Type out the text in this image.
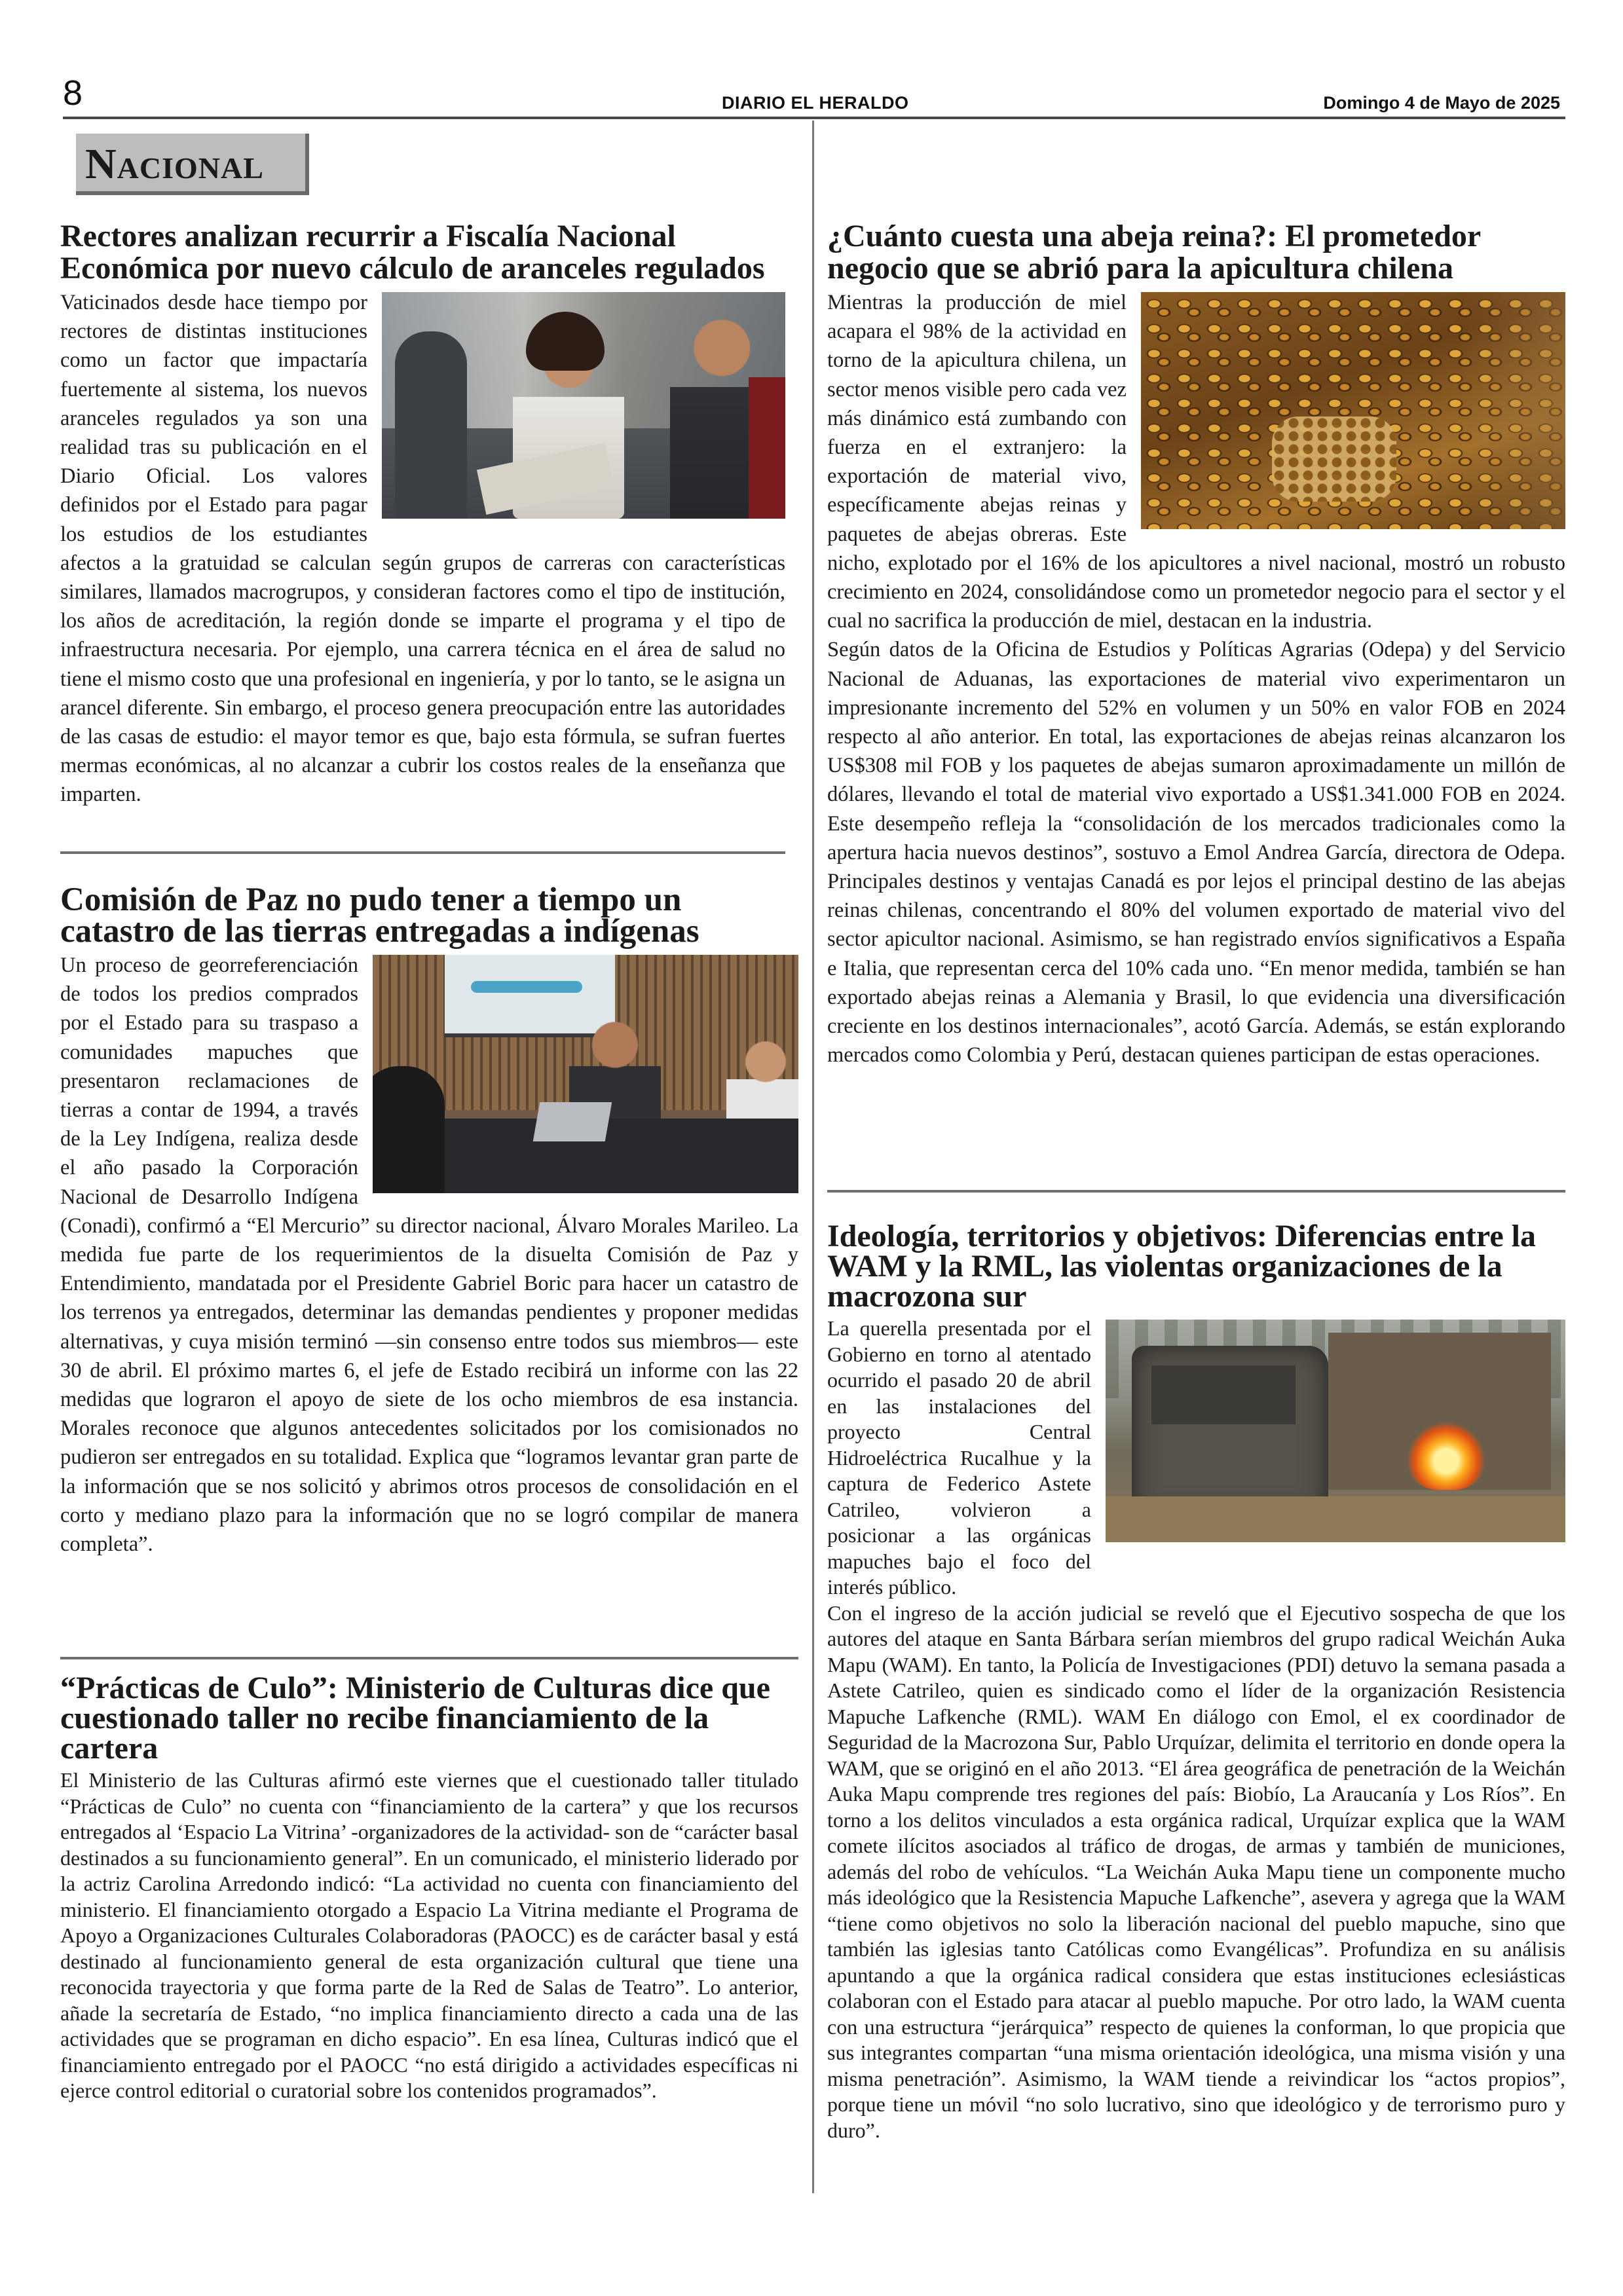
8	DIARIO EL HERALDO	Domingo 4 de Mayo de 2025
Nacional
Rectores analizan recurrir a Fiscalía Nacional Económica por nuevo cálculo de aranceles regulados

Vaticinados desde hace tiempo por rectores de distintas instituciones como un factor que impactaría fuertemente al sistema, los nuevos aranceles regulados ya son una realidad tras su publicación en el Diario Oficial. Los valores definidos por el Estado para pagar los estudios de los estudiantes afectos a la gratuidad se calculan según grupos de carreras con características similares, llamados macrogrupos, y consideran factores como el tipo de institución, los años de acreditación, la región donde se imparte el programa y el tipo de infraestructura necesaria. Por ejemplo, una carrera técnica en el área de salud no tiene el mismo costo que una profesional en ingeniería, y por lo tanto, se le asigna un arancel diferente. Sin embargo, el proceso genera preocupación entre las autoridades de las casas de estudio: el mayor temor es que, bajo esta fórmula, se sufran fuertes mermas económicas, al no alcanzar a cubrir los costos reales de la enseñanza que imparten.

Comisión de Paz no pudo tener a tiempo un catastro de las tierras entregadas a indígenas

Un proceso de georreferenciación de todos los predios comprados por el Estado para su traspaso a comunidades mapuches que presentaron reclamaciones de tierras a contar de 1994, a través de la Ley Indígena, realiza desde el año pasado la Corporación Nacional de Desarrollo Indígena (Conadi), confirmó a “El Mercurio” su director nacional, Álvaro Morales Marileo. La medida fue parte de los requerimientos de la disuelta Comisión de Paz y Entendimiento, mandatada por el Presidente Gabriel Boric para hacer un catastro de los terrenos ya entregados, determinar las demandas pendientes y proponer medidas alternativas, y cuya misión terminó —sin consenso entre todos sus miembros— este 30 de abril. El próximo martes 6, el jefe de Estado recibirá un informe con las 22 medidas que lograron el apoyo de siete de los ocho miembros de esa instancia. Morales reconoce que algunos antecedentes solicitados por los comisionados no pudieron ser entregados en su totalidad. Explica que “logramos levantar gran parte de la información que se nos solicitó y abrimos otros procesos de consolidación en el corto y mediano plazo para la información que no se logró compilar de manera completa”.

“Prácticas de Culo”: Ministerio de Culturas dice que cuestionado taller no recibe financiamiento de la cartera

El Ministerio de las Culturas afirmó este viernes que el cuestionado taller titulado “Prácticas de Culo” no cuenta con “financiamiento de la cartera” y que los recursos entregados al ‘Espacio La Vitrina’ -organizadores de la actividad- son de “carácter basal destinados a su funcionamiento general”. En un comunicado, el ministerio liderado por la actriz Carolina Arredondo indicó: “La actividad no cuenta con financiamiento del ministerio. El financiamiento otorgado a Espacio La Vitrina mediante el Programa de Apoyo a Organizaciones Culturales Colaboradoras (PAOCC) es de carácter basal y está destinado al funcionamiento general de esta organización cultural que tiene una reconocida trayectoria y que forma parte de la Red de Salas de Teatro”. Lo anterior, añade la secretaría de Estado, “no implica financiamiento directo a cada una de las actividades que se programan en dicho espacio”. En esa línea, Culturas indicó que el financiamiento entregado por el PAOCC “no está dirigido a actividades específicas ni ejerce control editorial o curatorial sobre los contenidos programados”.

¿Cuánto cuesta una abeja reina?: El prometedor negocio que se abrió para la apicultura chilena

Mientras la producción de miel acapara el 98% de la actividad en torno de la apicultura chilena, un sector menos visible pero cada vez más dinámico está zumbando con fuerza en el extranjero: la exportación de material vivo, específicamente abejas reinas y paquetes de abejas obreras. Este nicho, explotado por el 16% de los apicultores a nivel nacional, mostró un robusto crecimiento en 2024, consolidándose como un prometedor negocio para el sector y el cual no sacrifica la producción de miel, destacan en la industria.

Según datos de la Oficina de Estudios y Políticas Agrarias (Odepa) y del Servicio Nacional de Aduanas, las exportaciones de material vivo experimentaron un impresionante incremento del 52% en volumen y un 50% en valor FOB en 2024 respecto al año anterior. En total, las exportaciones de abejas reinas alcanzaron los US$308 mil FOB y los paquetes de abejas sumaron aproximadamente un millón de dólares, llevando el total de material vivo exportado a US$1.341.000 FOB en 2024. Este desempeño refleja la “consolidación de los mercados tradicionales como la apertura hacia nuevos destinos”, sostuvo a Emol Andrea García, directora de Odepa. Principales destinos y ventajas Canadá es por lejos el principal destino de las abejas reinas chilenas, concentrando el 80% del volumen exportado de material vivo del sector apicultor nacional. Asimismo, se han registrado envíos significativos a España e Italia, que representan cerca del 10% cada uno. “En menor medida, también se han exportado abejas reinas a Alemania y Brasil, lo que evidencia una diversificación creciente en los destinos internacionales”, acotó García. Además, se están explorando mercados como Colombia y Perú, destacan quienes participan de estas operaciones.

Ideología, territorios y objetivos: Diferencias entre la WAM y la RML, las violentas organizaciones de la macrozona sur

La querella presentada por el Gobierno en torno al atentado ocurrido el pasado 20 de abril en las instalaciones del proyecto Central Hidroeléctrica Rucalhue y la captura de Federico Astete Catrileo, volvieron a posicionar a las orgánicas mapuches bajo el foco del interés público.

Con el ingreso de la acción judicial se reveló que el Ejecutivo sospecha de que los autores del ataque en Santa Bárbara serían miembros del grupo radical Weichán Auka Mapu (WAM). En tanto, la Policía de Investigaciones (PDI) detuvo la semana pasada a Astete Catrileo, quien es sindicado como el líder de la organización Resistencia Mapuche Lafkenche (RML). WAM En diálogo con Emol, el ex coordinador de Seguridad de la Macrozona Sur, Pablo Urquízar, delimita el territorio en donde opera la WAM, que se originó en el año 2013. “El área geográfica de penetración de la Weichán Auka Mapu comprende tres regiones del país: Biobío, La Araucanía y Los Ríos”. En torno a los delitos vinculados a esta orgánica radical, Urquízar explica que la WAM comete ilícitos asociados al tráfico de drogas, de armas y también de municiones, además del robo de vehículos. “La Weichán Auka Mapu tiene un componente mucho más ideológico que la Resistencia Mapuche Lafkenche”, asevera y agrega que la WAM “tiene como objetivos no solo la liberación nacional del pueblo mapuche, sino que también las iglesias tanto Católicas como Evangélicas”. Profundiza en su análisis apuntando a que la orgánica radical considera que estas instituciones eclesiásticas colaboran con el Estado para atacar al pueblo mapuche. Por otro lado, la WAM cuenta con una estructura “jerárquica” respecto de quienes la conforman, lo que propicia que sus integrantes compartan “una misma orientación ideológica, una misma visión y una misma penetración”. Asimismo, la WAM tiende a reivindicar los “actos propios”, porque tiene un móvil “no solo lucrativo, sino que ideológico y de terrorismo puro y duro”.
